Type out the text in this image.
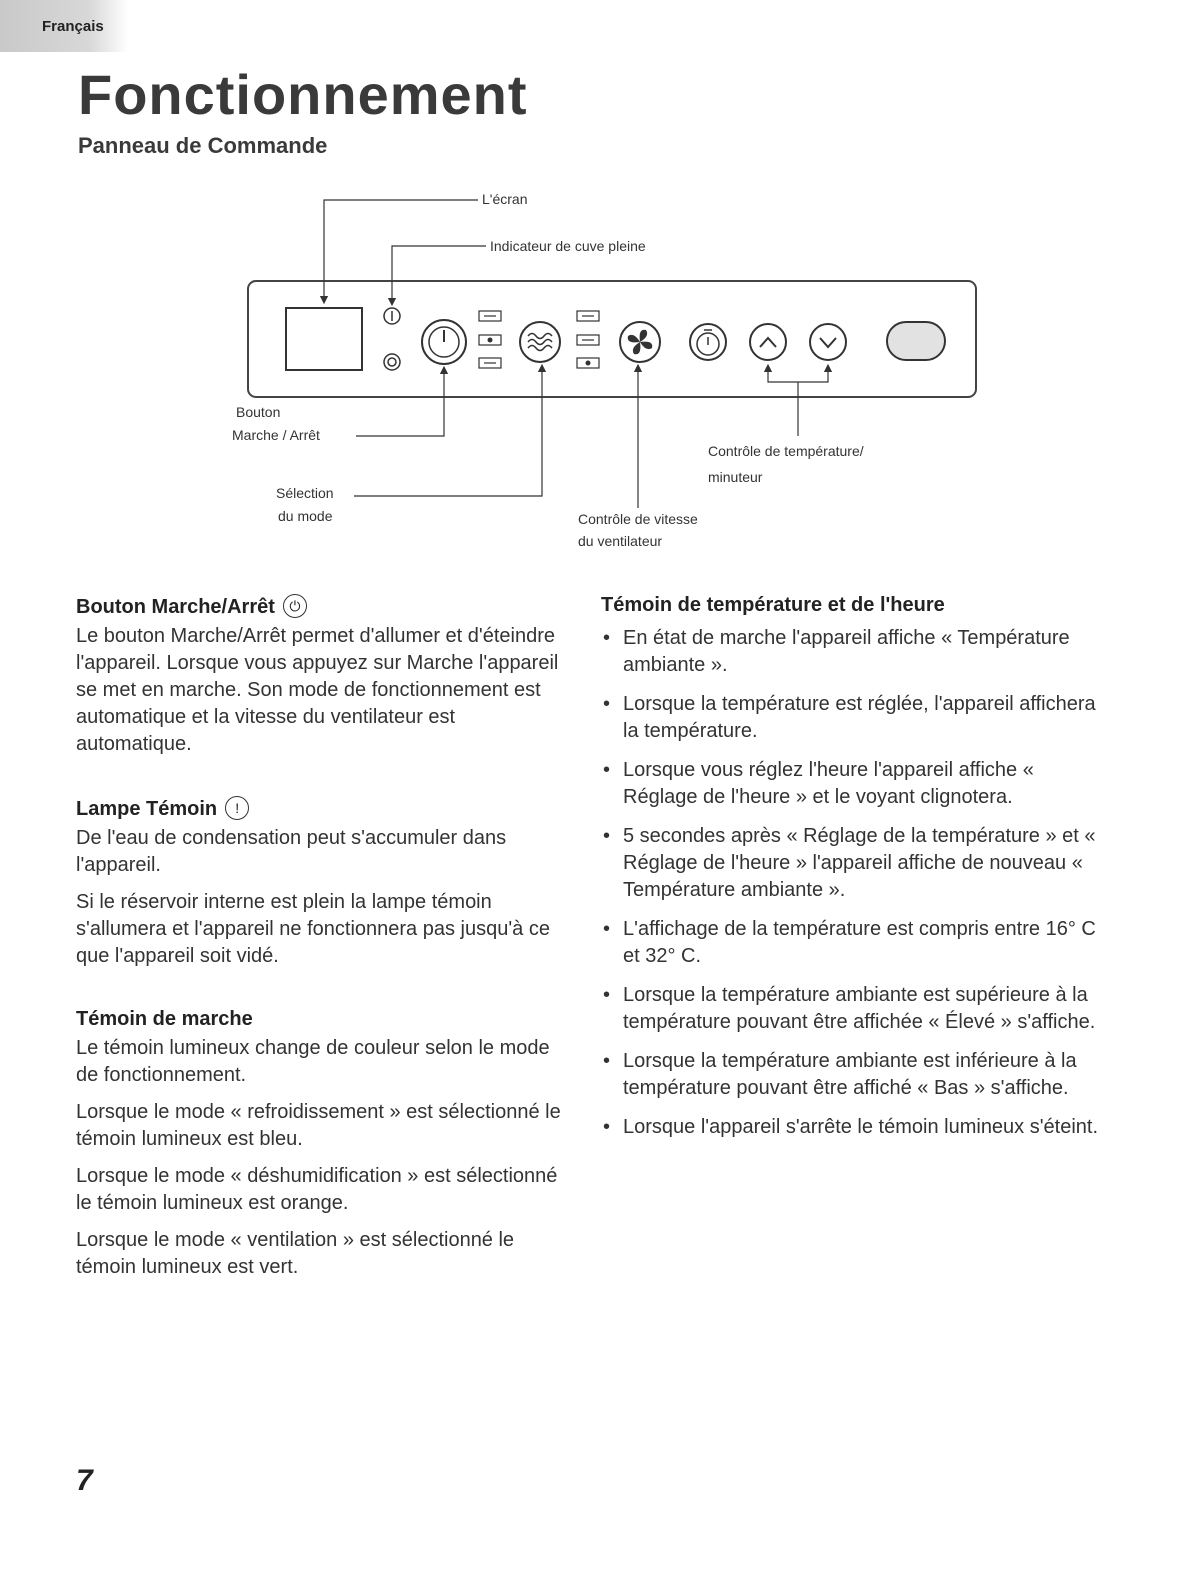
Français
Fonctionnement
Panneau de Commande
L'écran
Indicateur de cuve pleine
Bouton
Marche / Arrêt
Sélection
du mode	Contrôle de vitesse
du ventilateur
Contrôle de température/
minuteur
Bouton Marche/Arrêt ⏻

Le bouton Marche/Arrêt permet d'allumer et d'éteindre l'appareil. Lorsque vous appuyez sur Marche l'appareil se met en marche. Son mode de fonctionnement est automatique et la vitesse du ventilateur est automatique.

Lampe Témoin !

De l'eau de condensation peut s'accumuler dans l'appareil.

Si le réservoir interne est plein la lampe témoin s'allumera et l'appareil ne fonctionnera pas jusqu'à ce que l'appareil soit vidé.

Témoin de marche

Le témoin lumineux change de couleur selon le mode de fonctionnement.

Lorsque le mode « refroidissement » est sélectionné le témoin lumineux est bleu.

Lorsque le mode « déshumidification » est sélectionné le témoin lumineux est orange.

Lorsque le mode « ventilation » est sélectionné le témoin lumineux est vert.

Témoin de température et de l'heure
• En état de marche l'appareil affiche « Température ambiante ».
• Lorsque la température est réglée, l'appareil affichera la température.
• Lorsque vous réglez l'heure l'appareil affiche « Réglage de l'heure » et le voyant clignotera.
• 5 secondes après « Réglage de la température » et « Réglage de l'heure » l'appareil affiche de nouveau « Température ambiante ».
• L'affichage de la température est compris entre 16° C et 32° C.
• Lorsque la température ambiante est supérieure à la température pouvant être affichée « Élevé » s'affiche.
• Lorsque la température ambiante est inférieure à la température pouvant être affiché « Bas » s'affiche.
• Lorsque l'appareil s'arrête le témoin lumineux s'éteint.
7
